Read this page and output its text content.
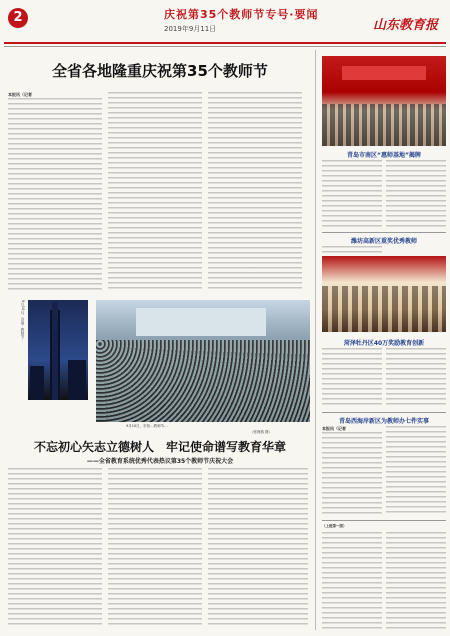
2	庆祝第35个教师节专号·要闻
2019年9月11日	山东教育报
全省各地隆重庆祝第35个教师节
本报讯（记者
9月10日，济南…教师节…
9月10日，东营…教师节…
（张海燕 摄）
不忘初心矢志立德树人　牢记使命谱写教育华章
——全省教育系统优秀代表热议第35个教师节庆祝大会
青岛市南区“惠师基地”揭牌
潍坊高新区重奖优秀教师
菏泽牡丹区40万奖励教育创新
青岛西海岸新区为教师办七件实事
本报讯（记者
（上接第一版）
